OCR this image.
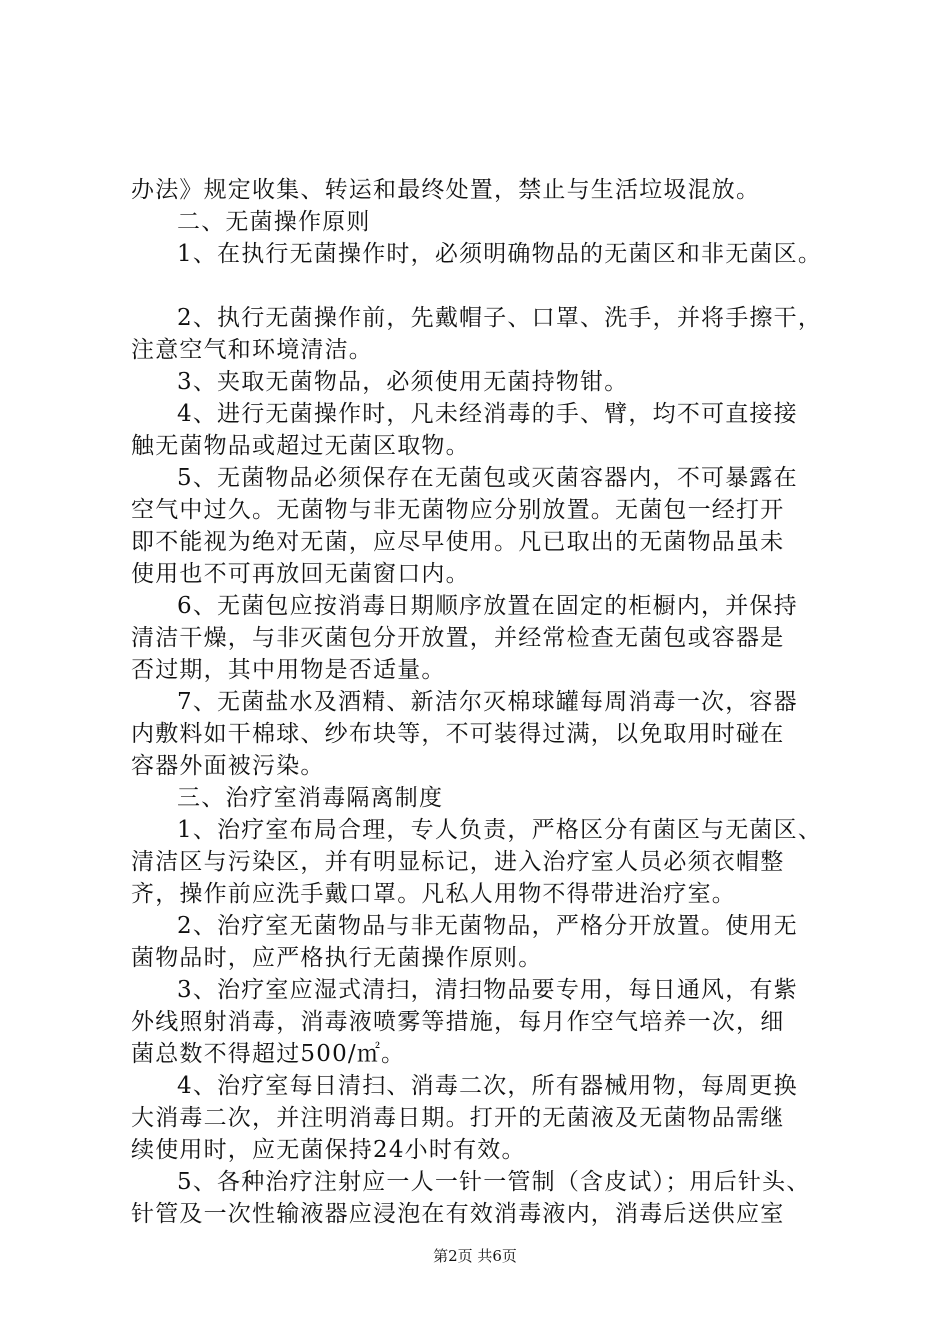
办法》规定收集、转运和最终处置，禁止与生活垃圾混放。
二、无菌操作原则
1、在执行无菌操作时，必须明确物品的无菌区和非无菌区。
2、执行无菌操作前，先戴帽子、口罩、洗手，并将手擦干，
注意空气和环境清洁。
3、夹取无菌物品，必须使用无菌持物钳。
4、进行无菌操作时，凡未经消毒的手、臂，均不可直接接
触无菌物品或超过无菌区取物。
5、无菌物品必须保存在无菌包或灭菌容器内，不可暴露在
空气中过久。无菌物与非无菌物应分别放置。无菌包一经打开
即不能视为绝对无菌，应尽早使用。凡已取出的无菌物品虽未
使用也不可再放回无菌窗口内。
6、无菌包应按消毒日期顺序放置在固定的柜橱内，并保持
清洁干燥，与非灭菌包分开放置，并经常检查无菌包或容器是
否过期，其中用物是否适量。
7、无菌盐水及酒精、新洁尔灭棉球罐每周消毒一次，容器
内敷料如干棉球、纱布块等，不可装得过满，以免取用时碰在
容器外面被污染。
三、治疗室消毒隔离制度
1、治疗室布局合理，专人负责，严格区分有菌区与无菌区、
清洁区与污染区，并有明显标记，进入治疗室人员必须衣帽整
齐，操作前应洗手戴口罩。凡私人用物不得带进治疗室。
2、治疗室无菌物品与非无菌物品，严格分开放置。使用无
菌物品时，应严格执行无菌操作原则。
3、治疗室应湿式清扫，清扫物品要专用，每日通风，有紫
外线照射消毒，消毒液喷雾等措施，每月作空气培养一次，细
菌总数不得超过500/㎡。
4、治疗室每日清扫、消毒二次，所有器械用物，每周更换
大消毒二次，并注明消毒日期。打开的无菌液及无菌物品需继
续使用时，应无菌保持24小时有效。
5、各种治疗注射应一人一针一管制（含皮试）；用后针头、
针管及一次性输液器应浸泡在有效消毒液内，消毒后送供应室
第2页 共6页
